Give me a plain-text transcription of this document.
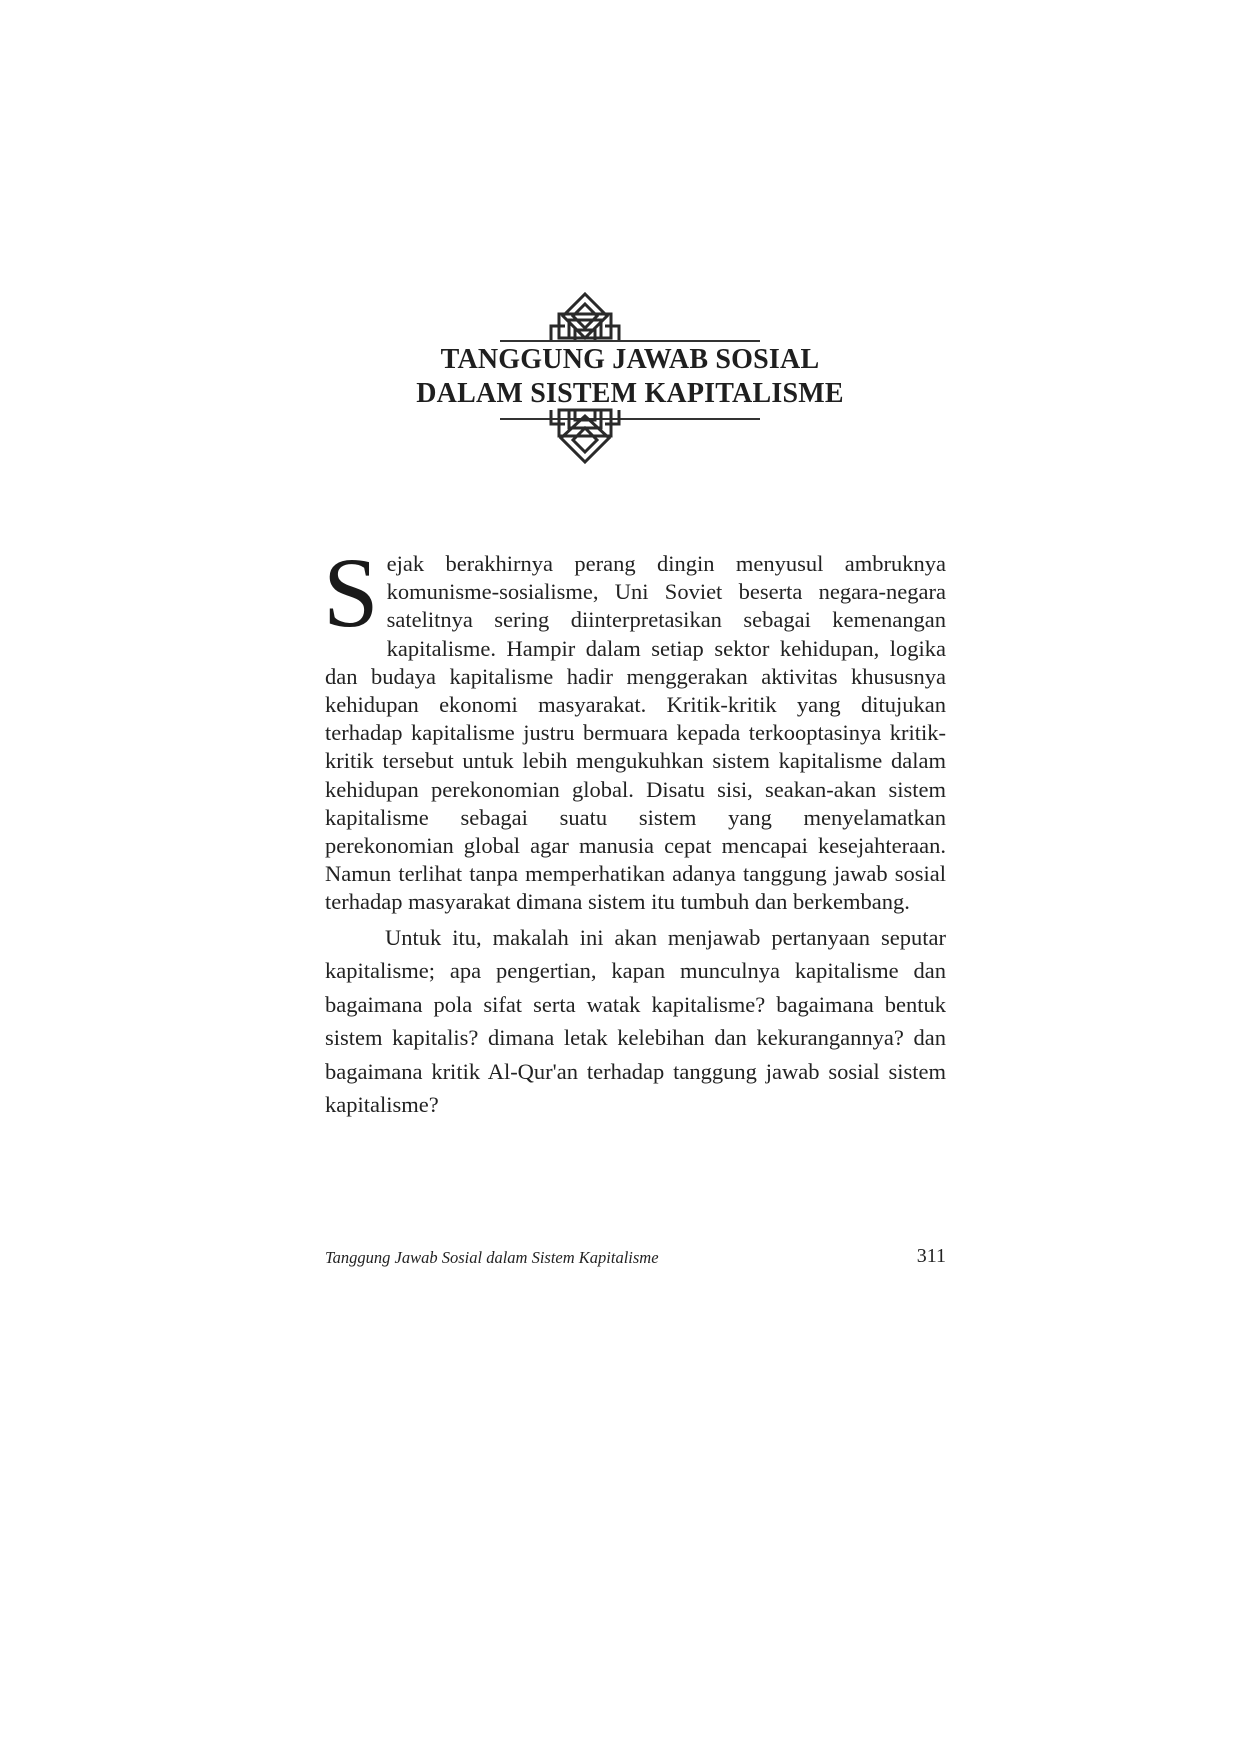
TANGGUNG JAWAB SOSIAL
DALAM SISTEM KAPITALISME

Sejak berakhirnya perang dingin menyusul ambruknya komunisme-sosialisme, Uni Soviet beserta negara-negara satelitnya sering diinterpretasikan sebagai kemenangan kapitalisme. Hampir dalam setiap sektor kehidupan, logika dan budaya kapitalisme hadir menggerakan aktivitas khususnya kehidupan ekonomi masyarakat. Kritik-kritik yang ditujukan terhadap kapitalisme justru bermuara kepada terkooptasinya kritik-kritik tersebut untuk lebih mengukuhkan sistem kapitalisme dalam kehidupan perekonomian global. Disatu sisi, seakan-akan sistem kapitalisme sebagai suatu sistem yang menyelamatkan perekonomian global agar manusia cepat mencapai kesejahteraan. Namun terlihat tanpa memperhatikan adanya tanggung jawab sosial terhadap masyarakat dimana sistem itu tumbuh dan berkembang.

Untuk itu, makalah ini akan menjawab pertanyaan seputar kapitalisme; apa pengertian, kapan munculnya kapitalisme dan bagaimana pola sifat serta watak kapitalisme? bagaimana bentuk sistem kapitalis? dimana letak kelebihan dan kekurangannya? dan bagaimana kritik Al-Qur'an terhadap tanggung jawab sosial sistem kapitalisme?

Tanggung Jawab Sosial dalam Sistem Kapitalisme	311
